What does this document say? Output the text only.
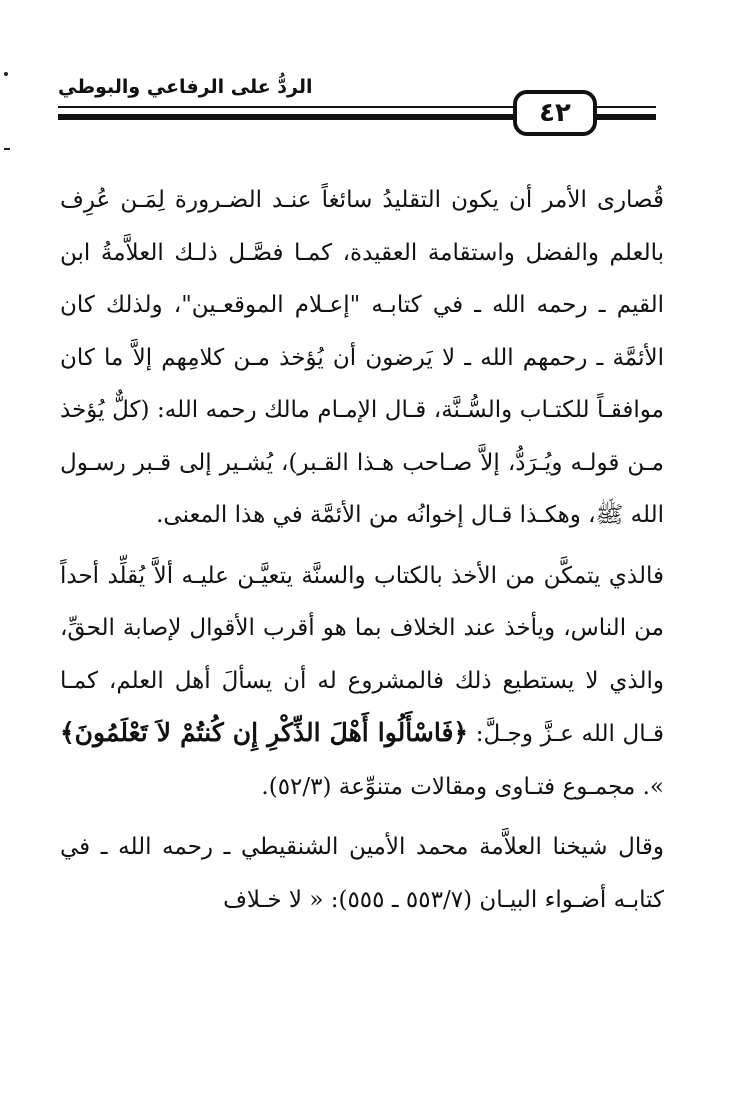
الردُّ على الرفاعي والبوطي
٤٢

قُصارى الأمر أن يكون التقليدُ سائغاً عنـد الضـرورة لِمَـن عُرِف بالعلم والفضل واستقامة العقيدة، كمـا فصَّـل ذلـك العلاَّمةُ ابن القيم ـ رحمه الله ـ في كتابـه "إعـلام الموقعـين"، ولذلك كان الأئمَّة ـ رحمهم الله ـ لا يَرضون أن يُؤخذ مـن كلامِهم إلاَّ ما كان موافقـاً للكتـاب والسُّـنَّة، قـال الإمـام مالك رحمه الله: (كلٌّ يُؤخذ مـن قولـه ويُـرَدُّ، إلاَّ صـاحب هـذا القـبر)، يُشـير إلى قـبر رسـول الله ﷺ، وهكـذا قـال إخوانُه من الأئمَّة في هذا المعنى.

فالذي يتمكَّن من الأخذ بالكتاب والسنَّة يتعيَّـن عليـه ألاَّ يُقلِّد أحداً من الناس، ويأخذ عند الخلاف بما هو أقرب الأقوال لإصابة الحقِّ، والذي لا يستطيع ذلك فالمشروع له أن يسألَ أهل العلم، كمـا قـال الله عـزَّ وجـلَّ: ﴿فَاسْأَلُوا أَهْلَ الذِّكْرِ إِن كُنتُمْ لاَ تَعْلَمُونَ﴾ ». مجمـوع فتـاوى ومقالات متنوِّعة (٥٢/٣).

وقال شيخنا العلاَّمة محمد الأمين الشنقيطي ـ رحمه الله ـ في كتابـه أضـواء البيـان (٥٥٣/٧ ـ ٥٥٥): « لا خـلاف
